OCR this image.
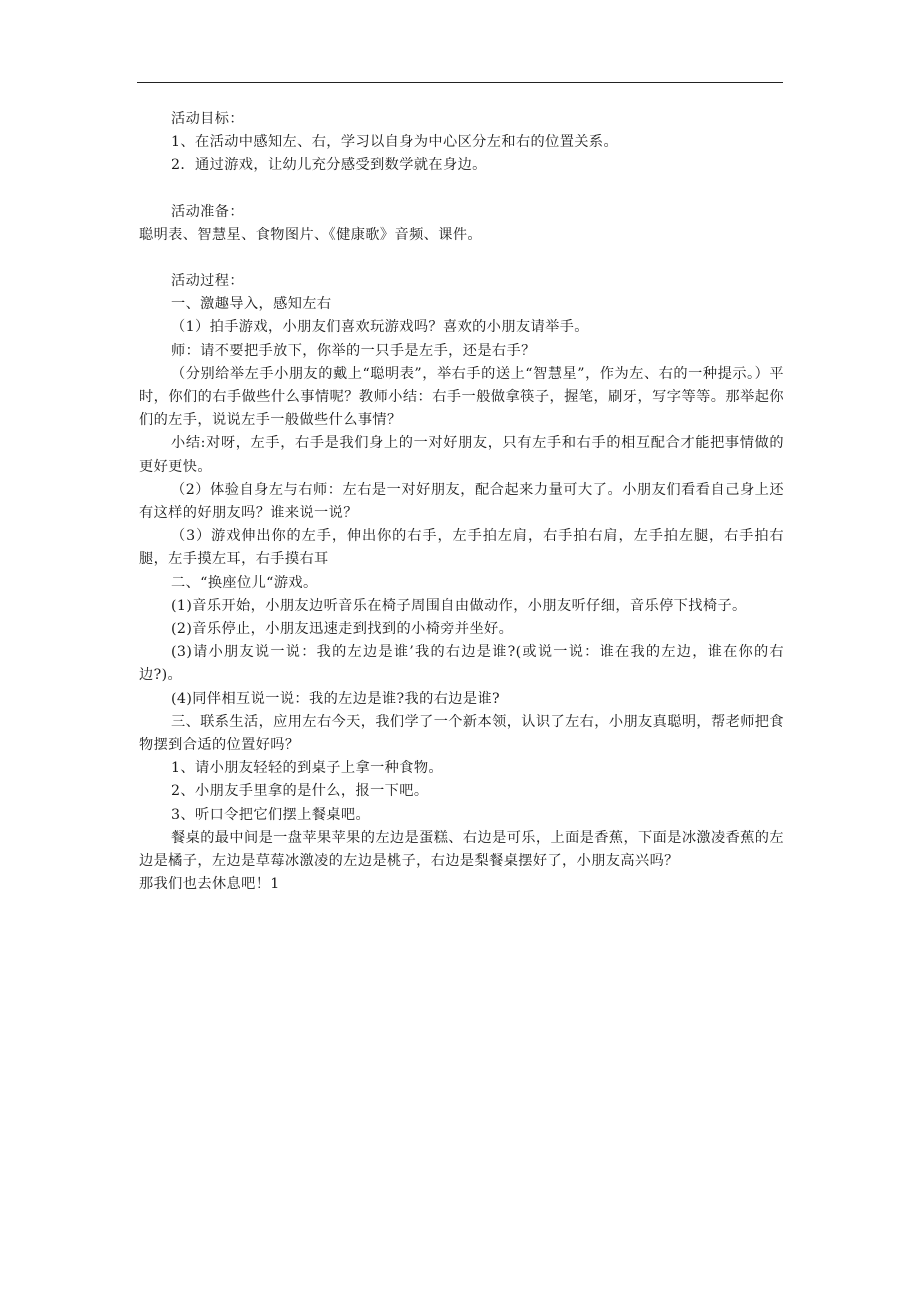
活动目标：

1、在活动中感知左、右，学习以自身为中心区分左和右的位置关系。

2．通过游戏，让幼儿充分感受到数学就在身边。

活动准备：

聪明表、智慧星、食物图片、《健康歌》音频、课件。

活动过程：

一、激趣导入，感知左右

（1）拍手游戏，小朋友们喜欢玩游戏吗？喜欢的小朋友请举手。

师：请不要把手放下，你举的一只手是左手，还是右手？

（分别给举左手小朋友的戴上“聪明表”，举右手的送上“智慧星”，作为左、右的一种提示。）平时，你们的右手做些什么事情呢？教师小结：右手一般做拿筷子，握笔，刷牙，写字等等。那举起你们的左手，说说左手一般做些什么事情？

小结:对呀，左手，右手是我们身上的一对好朋友，只有左手和右手的相互配合才能把事情做的更好更快。

（2）体验自身左与右师：左右是一对好朋友，配合起来力量可大了。小朋友们看看自己身上还有这样的好朋友吗？谁来说一说？

（3）游戏伸出你的左手，伸出你的右手，左手拍左肩，右手拍右肩，左手拍左腿，右手拍右腿，左手摸左耳，右手摸右耳

二、“换座位儿“游戏。

(1)音乐开始，小朋友边听音乐在椅子周围自由做动作，小朋友听仔细，音乐停下找椅子。

(2)音乐停止，小朋友迅速走到找到的小椅旁并坐好。

(3)请小朋友说一说：我的左边是谁’我的右边是谁?(或说一说：谁在我的左边，谁在你的右边?)。

(4)同伴相互说一说：我的左边是谁?我的右边是谁?

三、联系生活，应用左右今天，我们学了一个新本领，认识了左右，小朋友真聪明，帮老师把食物摆到合适的位置好吗？

1、请小朋友轻轻的到桌子上拿一种食物。

2、小朋友手里拿的是什么，报一下吧。

3、听口令把它们摆上餐桌吧。

餐桌的最中间是一盘苹果苹果的左边是蛋糕、右边是可乐，上面是香蕉，下面是冰激凌香蕉的左边是橘子，左边是草莓冰激凌的左边是桃子，右边是梨餐桌摆好了，小朋友高兴吗？

那我们也去休息吧！1
